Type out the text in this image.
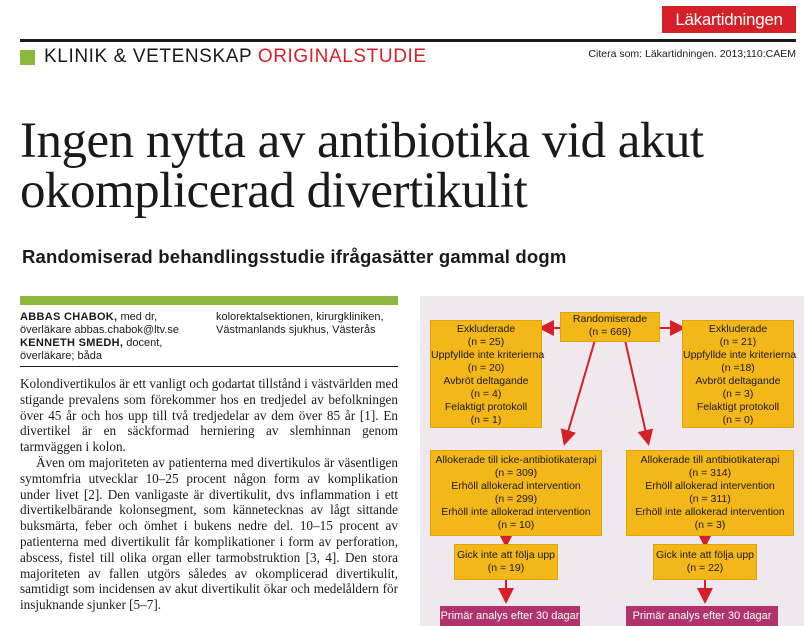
Läkartidningen
KLINIK & VETENSKAP ORIGINALSTUDIE	Citera som: Läkartidningen. 2013;110:CAEM
Ingen nytta av antibiotika vid akut okomplicerad divertikulit
Randomiserad behandlingsstudie ifrågasätter gammal dogm
ABBAS CHABOK, med dr, överläkare abbas.chabok@ltv.se
KENNETH SMEDH, docent, överläkare; båda kolorektalsektionen, kirurgkliniken, Västmanlands sjukhus, Västerås

Kolondivertikulos är ett vanligt och godartat tillstånd i västvärlden med stigande prevalens som förekommer hos en tredjedel av befolkningen över 45 år och hos upp till två tredjedelar av dem över 85 år [1]. En divertikel är en säckformad herniering av slemhinnan genom tarmväggen i kolon.

Även om majoriteten av patienterna med divertikulos är väsentligen symtomfria utvecklar 10–25 procent någon form av komplikation under livet [2]. Den vanligaste är divertikulit, dvs inflammation i ett divertikelbärande kolonsegment, som kännetecknas av lågt sittande buksmärta, feber och ömhet i bukens nedre del. 10–15 procent av patienterna med divertikulit får komplikationer i form av perforation, abscess, fistel till olika organ eller tarmobstruktion [3, 4]. Den stora majoriteten av fallen utgörs således av okomplicerad divertikulit, samtidigt som incidensen av akut divertikulit ökar och medelåldern för insjuknande sjunker [5–7].

Randomiserade
(n = 669)
Exkluderade
(n = 25)
Uppfyllde inte kriterierna
(n = 20)
Avbröt deltagande
(n = 4)
Felaktigt protokoll
(n = 1)
Exkluderade
(n = 21)
Uppfyllde inte kriterierna
(n =18)
Avbröt deltagande
(n = 3)
Felaktigt protokoll
(n = 0)
Allokerade till icke-antibiotikaterapi
(n = 309)
Erhöll allokerad intervention
(n = 299)
Erhöll inte allokerad intervention
(n = 10)
Allokerade till antibiotikaterapi
(n = 314)
Erhöll allokerad intervention
(n = 311)
Erhöll inte allokerad intervention
(n = 3)
Gick inte att följa upp
(n = 19)
Gick inte att följa upp
(n = 22)
Primär analys efter 30 dagar	Primär analys efter 30 dagar
